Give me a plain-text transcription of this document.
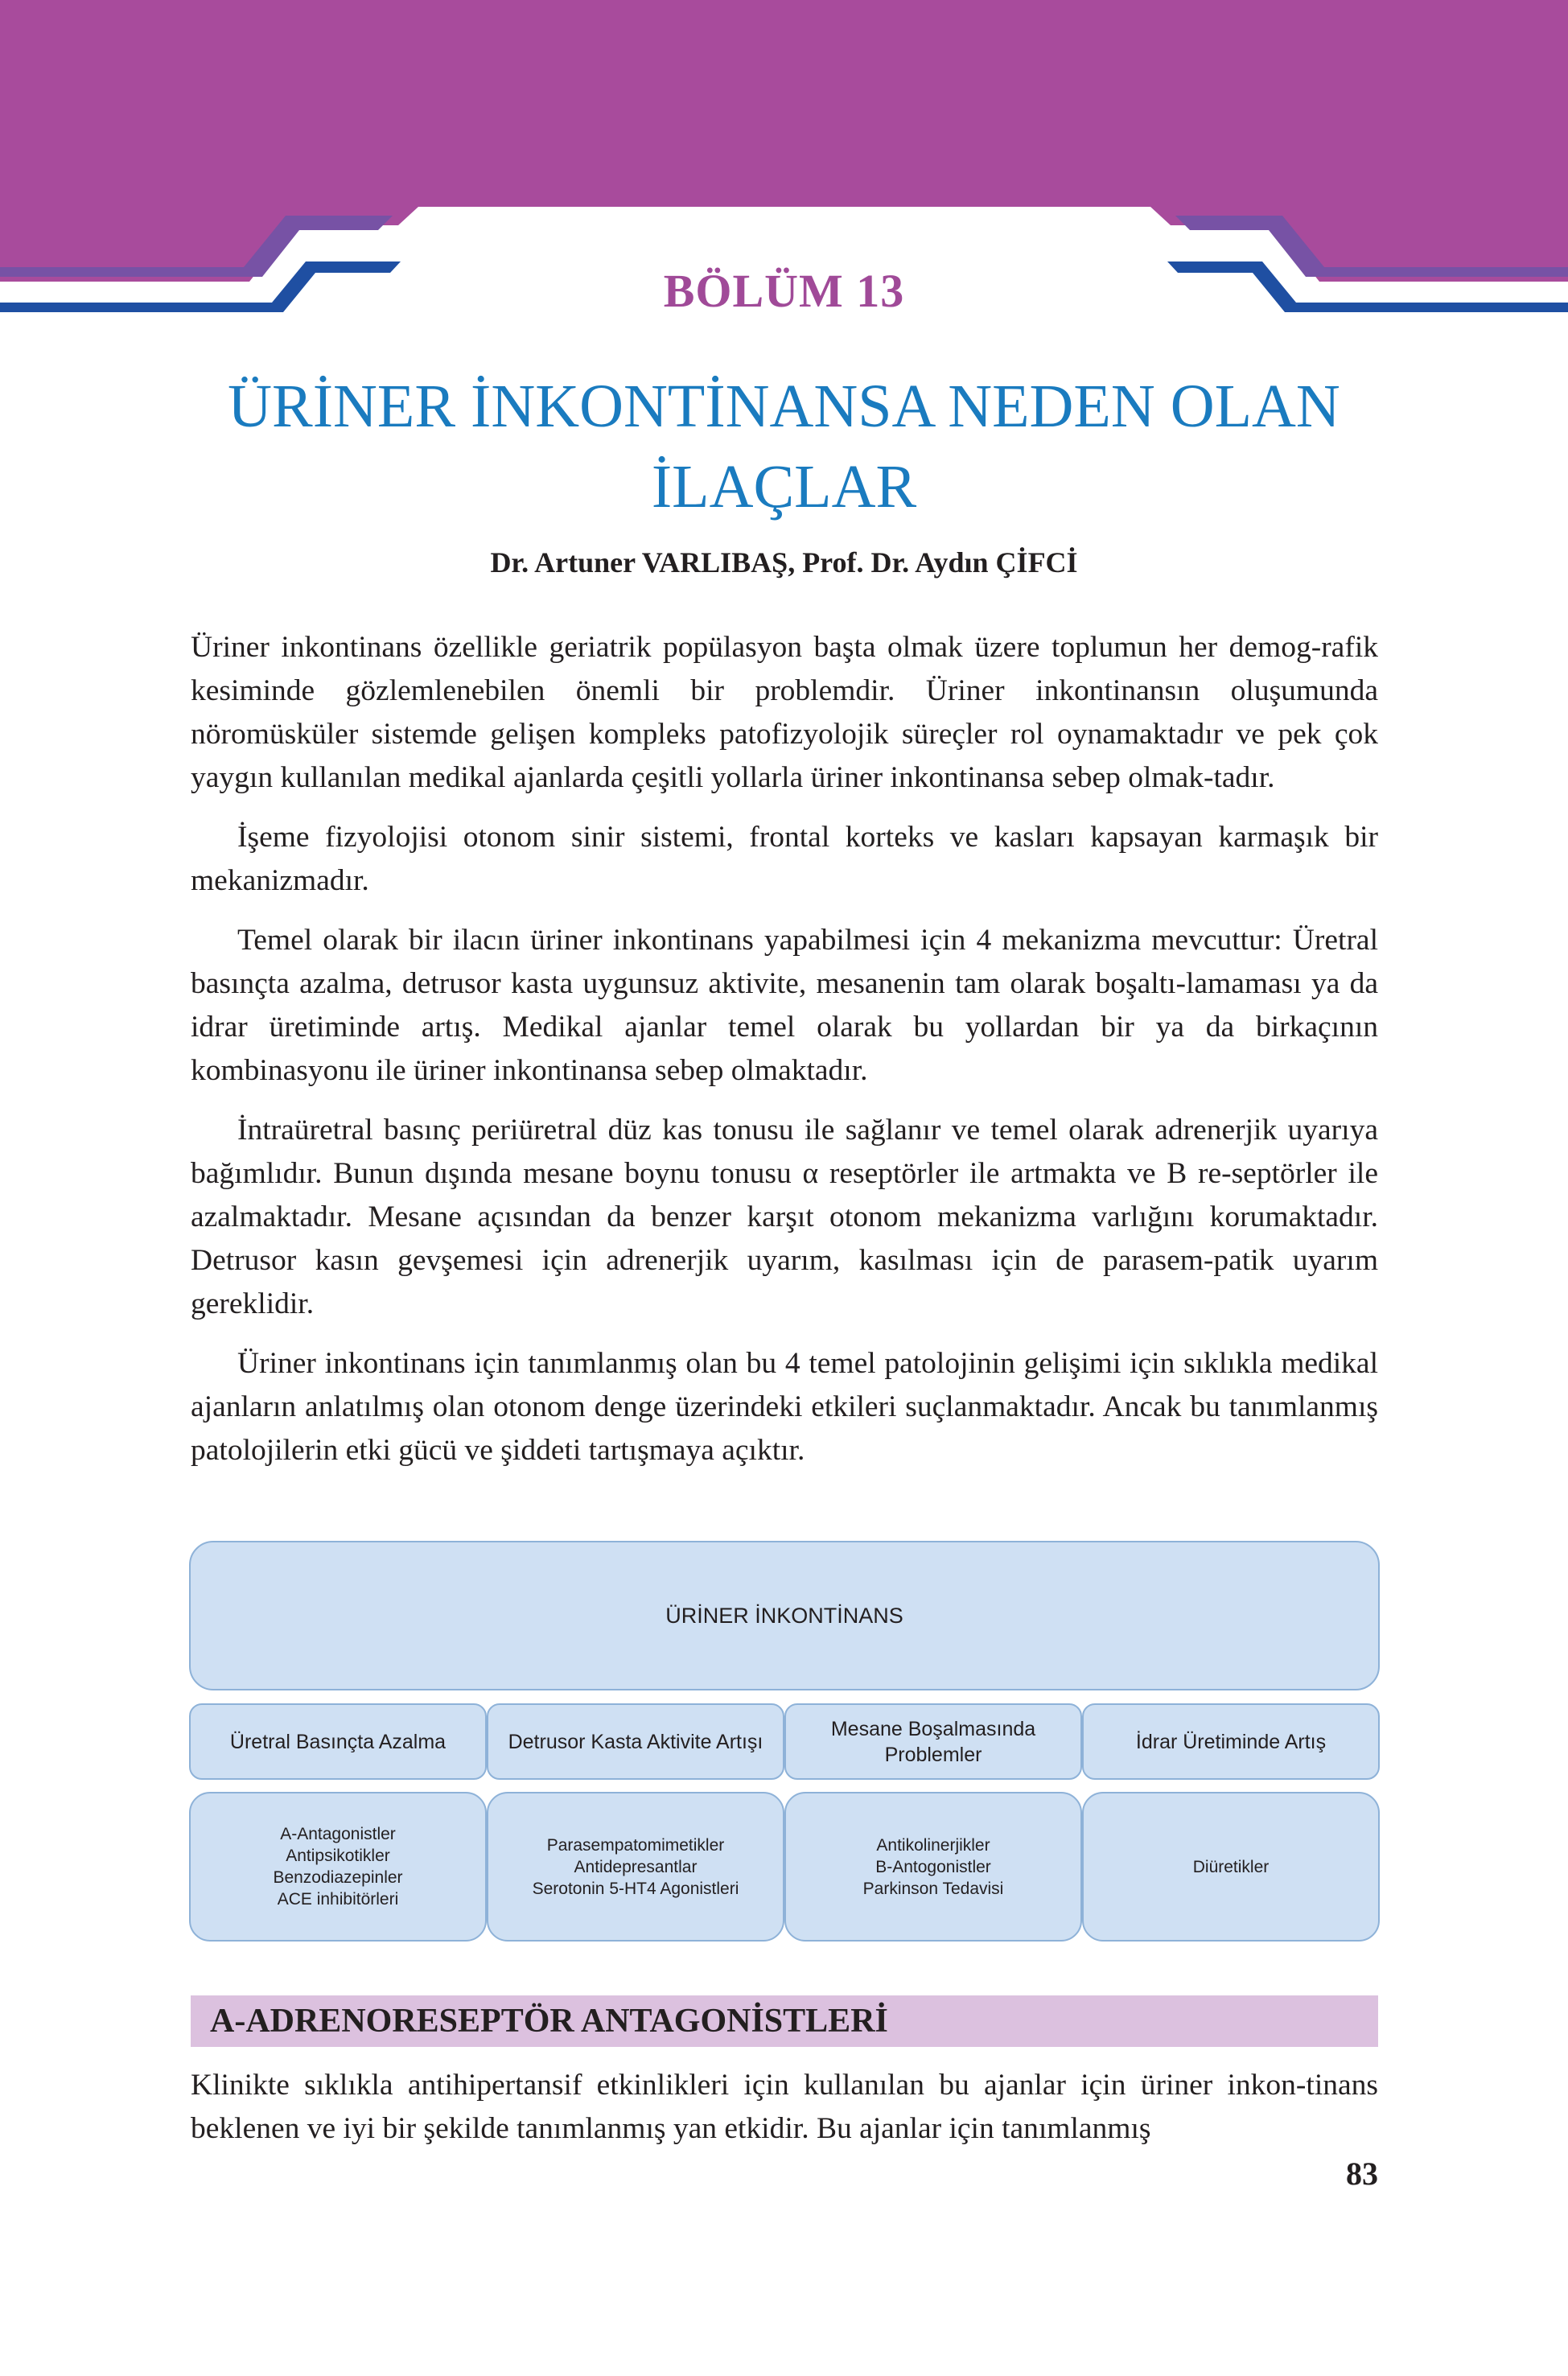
BÖLÜM 13
ÜRİNER İNKONTİNANSA NEDEN OLAN
İLAÇLAR
Dr. Artuner VARLIBAŞ, Prof. Dr. Aydın ÇİFCİ

Üriner inkontinans özellikle geriatrik popülasyon başta olmak üzere toplumun her demog-rafik kesiminde gözlemlenebilen önemli bir problemdir. Üriner inkontinansın oluşumunda nöromüsküler sistemde gelişen kompleks patofizyolojik süreçler rol oynamaktadır ve pek çok yaygın kullanılan medikal ajanlarda çeşitli yollarla üriner inkontinansa sebep olmak-tadır.

İşeme fizyolojisi otonom sinir sistemi, frontal korteks ve kasları kapsayan karmaşık bir mekanizmadır.

Temel olarak bir ilacın üriner inkontinans yapabilmesi için 4 mekanizma mevcuttur: Üretral basınçta azalma, detrusor kasta uygunsuz aktivite, mesanenin tam olarak boşaltı-lamaması ya da idrar üretiminde artış. Medikal ajanlar temel olarak bu yollardan bir ya da birkaçının kombinasyonu ile üriner inkontinansa sebep olmaktadır.

İntraüretral basınç periüretral düz kas tonusu ile sağlanır ve temel olarak adrenerjik uyarıya bağımlıdır. Bunun dışında mesane boynu tonusu α reseptörler ile artmakta ve B re-septörler ile azalmaktadır. Mesane açısından da benzer karşıt otonom mekanizma varlığını korumaktadır. Detrusor kasın gevşemesi için adrenerjik uyarım, kasılması için de parasem-patik uyarım gereklidir.

Üriner inkontinans için tanımlanmış olan bu 4 temel patolojinin gelişimi için sıklıkla medikal ajanların anlatılmış olan otonom denge üzerindeki etkileri suçlanmaktadır. Ancak bu tanımlanmış patolojilerin etki gücü ve şiddeti tartışmaya açıktır.

ÜRİNER İNKONTİNANS
Üretral Basınçta Azalma	Detrusor Kasta Aktivite Artışı
Mesane Boşalmasında
Problemler
İdrar Üretiminde Artış
A-Antagonistler
Antipsikotikler
Benzodiazepinler
ACE inhibitörleri
Parasempatomimetikler
Antidepresantlar
Serotonin 5-HT4 Agonistleri
Antikolinerjikler
B-Antogonistler
Parkinson Tedavisi
Diüretikler
A-ADRENORESEPTÖR ANTAGONİSTLERİ

Klinikte sıklıkla antihipertansif etkinlikleri için kullanılan bu ajanlar için üriner inkon-tinans beklenen ve iyi bir şekilde tanımlanmış yan etkidir. Bu ajanlar için tanımlanmış

83
